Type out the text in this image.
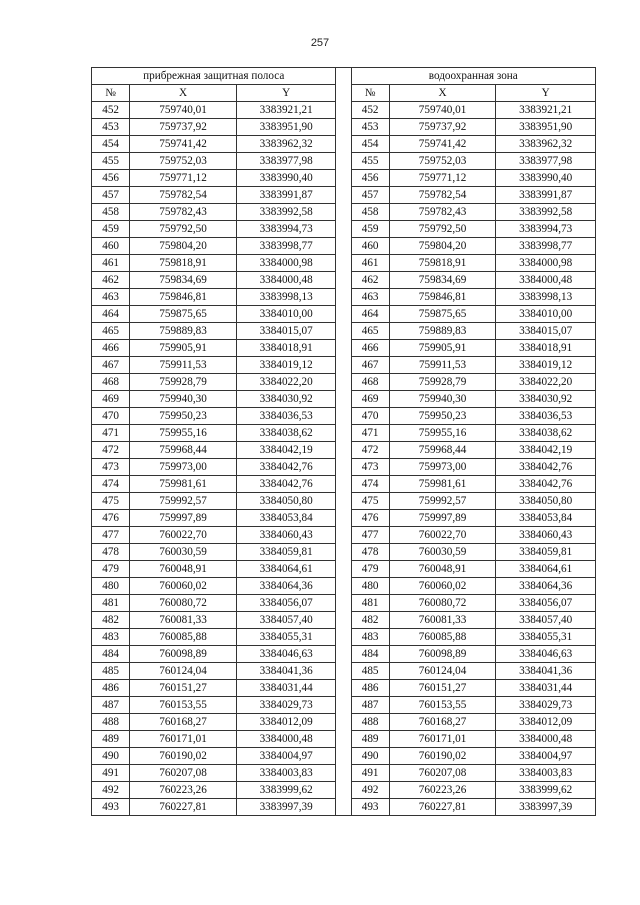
257
прибрежная защитная полоса				водоохранная зона		
№	X	Y		№	X	Y
452	759740,01	3383921,21		452	759740,01	3383921,21
453	759737,92	3383951,90		453	759737,92	3383951,90
454	759741,42	3383962,32		454	759741,42	3383962,32
455	759752,03	3383977,98		455	759752,03	3383977,98
456	759771,12	3383990,40		456	759771,12	3383990,40
457	759782,54	3383991,87		457	759782,54	3383991,87
458	759782,43	3383992,58		458	759782,43	3383992,58
459	759792,50	3383994,73		459	759792,50	3383994,73
460	759804,20	3383998,77		460	759804,20	3383998,77
461	759818,91	3384000,98		461	759818,91	3384000,98
462	759834,69	3384000,48		462	759834,69	3384000,48
463	759846,81	3383998,13		463	759846,81	3383998,13
464	759875,65	3384010,00		464	759875,65	3384010,00
465	759889,83	3384015,07		465	759889,83	3384015,07
466	759905,91	3384018,91		466	759905,91	3384018,91
467	759911,53	3384019,12		467	759911,53	3384019,12
468	759928,79	3384022,20		468	759928,79	3384022,20
469	759940,30	3384030,92		469	759940,30	3384030,92
470	759950,23	3384036,53		470	759950,23	3384036,53
471	759955,16	3384038,62		471	759955,16	3384038,62
472	759968,44	3384042,19		472	759968,44	3384042,19
473	759973,00	3384042,76		473	759973,00	3384042,76
474	759981,61	3384042,76		474	759981,61	3384042,76
475	759992,57	3384050,80		475	759992,57	3384050,80
476	759997,89	3384053,84		476	759997,89	3384053,84
477	760022,70	3384060,43		477	760022,70	3384060,43
478	760030,59	3384059,81		478	760030,59	3384059,81
479	760048,91	3384064,61		479	760048,91	3384064,61
480	760060,02	3384064,36		480	760060,02	3384064,36
481	760080,72	3384056,07		481	760080,72	3384056,07
482	760081,33	3384057,40		482	760081,33	3384057,40
483	760085,88	3384055,31		483	760085,88	3384055,31
484	760098,89	3384046,63		484	760098,89	3384046,63
485	760124,04	3384041,36		485	760124,04	3384041,36
486	760151,27	3384031,44		486	760151,27	3384031,44
487	760153,55	3384029,73		487	760153,55	3384029,73
488	760168,27	3384012,09		488	760168,27	3384012,09
489	760171,01	3384000,48		489	760171,01	3384000,48
490	760190,02	3384004,97		490	760190,02	3384004,97
491	760207,08	3384003,83		491	760207,08	3384003,83
492	760223,26	3383999,62		492	760223,26	3383999,62
493	760227,81	3383997,39		493	760227,81	3383997,39
